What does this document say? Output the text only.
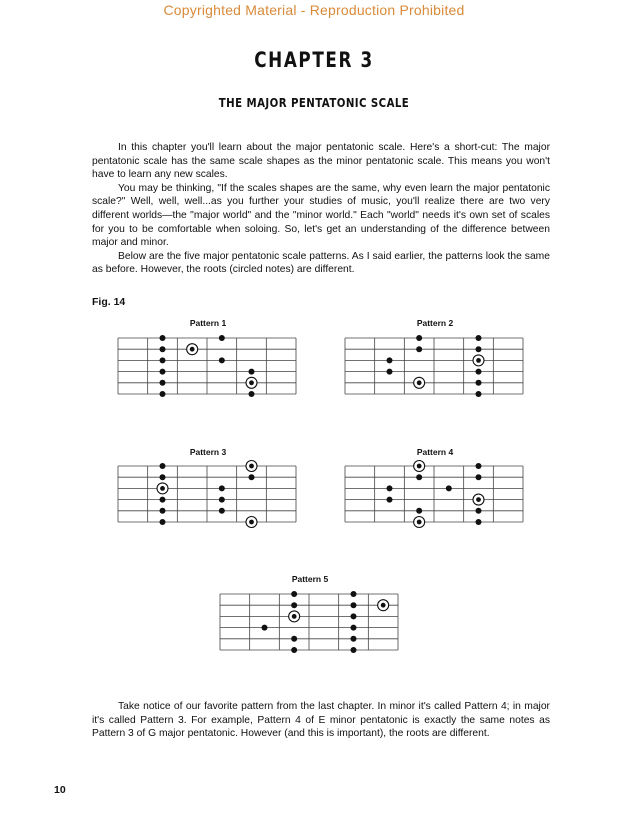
Copyrighted Material - Reproduction Prohibited
CHAPTER 3
THE MAJOR PENTATONIC SCALE

In this chapter you'll learn about the major pentatonic scale. Here's a short-cut: The major pentatonic scale has the same scale shapes as the minor pentatonic scale. This means you won't have to learn any new scales.

You may be thinking, "If the scales shapes are the same, why even learn the major pentatonic scale?" Well, well, well...as you further your studies of music, you'll realize there are two very different worlds—the "major world" and the "minor world." Each "world" needs it's own set of scales for you to be comfortable when soloing. So, let's get an understanding of the difference between major and minor.

Below are the five major pentatonic scale patterns. As I said earlier, the patterns look the same as before. However, the roots (circled notes) are different.

Fig. 14
Pattern 1	Pattern 2
Pattern 3	Pattern 4
Pattern 5

Take notice of our favorite pattern from the last chapter. In minor it's called Pattern 4; in major it's called Pattern 3. For example, Pattern 4 of E minor pentatonic is exactly the same notes as Pattern 3 of G major pentatonic. However (and this is important), the roots are different.

10
